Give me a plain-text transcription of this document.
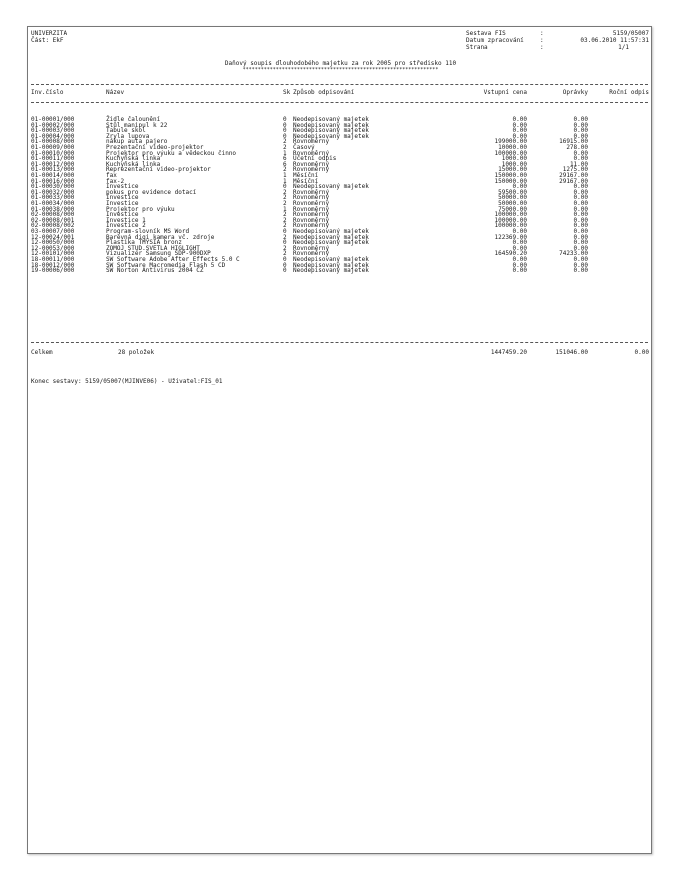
UNIVERZITA
Část: EkF
Sestava FIS	:	5159/05007
Datum zpracování	:	03.06.2010 11:57:31
Strana	:	1/1
Daňový soupis dlouhodobého majetku za rok 2005 pro středisko 110
*****************************************************************
Inv.číslo	Název	Sk Způsob odpisování	Vstupní cena	Oprávky	Roční odpis
01-00001/000	Židle čalounění	0	Neodepisovaný majetek	0.00	0.00
01-00002/000	Stůl manipul k 22	0	Neodepisovaný majetek	0.00	0.00
01-00003/000	Tabule skol	0	Neodepisovaný majetek	0.00	0.00
01-00004/000	Zryla lupova	0	Neodepisovaný majetek	0.00	0.00
01-00008/000	nákup auta pajero	2	Rovnoměrný	199000.00	16915.00
01-00009/000	Prezentační video-projektor	2	Časový	10000.00	278.00
01-00010/000	Projektor pro výuku a vědeckou činno	1	Rovnoměrný	100000.00	0.00
01-00011/000	Kuchyňská linka	6	Účetní odpis	1000.00	0.00
01-00012/000	Kuchyňská linka	6	Rovnoměrný	1000.00	11.00
01-00013/000	Reprezentační video-projektor	2	Rovnoměrný	15000.00	1275.00
01-00014/000	fax	1	Měsíční	150000.00	29167.00
01-00016/000	fax-2	1	Měsíční	150000.00	29167.00
01-00030/000	Investice	0	Neodepisovaný majetek	0.00	0.00
01-00032/000	pokus pro evidence dotací	2	Rovnoměrný	59500.00	0.00
01-00033/000	Investice	2	Rovnoměrný	50000.00	0.00
01-00034/000	Investice	2	Rovnoměrný	50000.00	0.00
01-00038/000	Projektor pro výuku	1	Rovnoměrný	75000.00	0.00
02-00008/000	Investice	2	Rovnoměrný	100000.00	0.00
02-00008/001	Investice 1	2	Rovnoměrný	100000.00	0.00
02-00008/002	Investice 2	2	Rovnoměrný	100000.00	0.00
03-00007/000	Program-slovník MS Word	0	Neodepisovaný majetek	0.00	0.00
12-00024/001	Barevná digi kamera vč. zdroje	2	Neodepisovaný majetek	122369.00	0.00
12-00050/000	Plastika THYSIA bronz	0	Neodepisovaný majetek	0.00	0.00
12-00053/000	ZOMOJ STUD.SVETLA HIGLIGHT	2	Rovnoměrný	0.00	0.00
12-00101/000	Vizualizér Samsung SDP-900DXP	2	Rovnoměrný	164590.20	74233.00
18-00011/000	SW Software Adobe After Effects 5.0 C	0	Neodepisovaný majetek	0.00	0.00
18-00012/000	SW Software Macromedia Flash 5 CD	0	Neodepisovaný majetek	0.00	0.00
19-00006/000	SW Norton Antivirus 2004 CZ	0	Neodepisovaný majetek	0.00	0.00
Celkem	28 položek	1447459.20	151046.00	0.00
Konec sestavy: 5159/05007(MJINVE06) - Uživatel:FIS_01
